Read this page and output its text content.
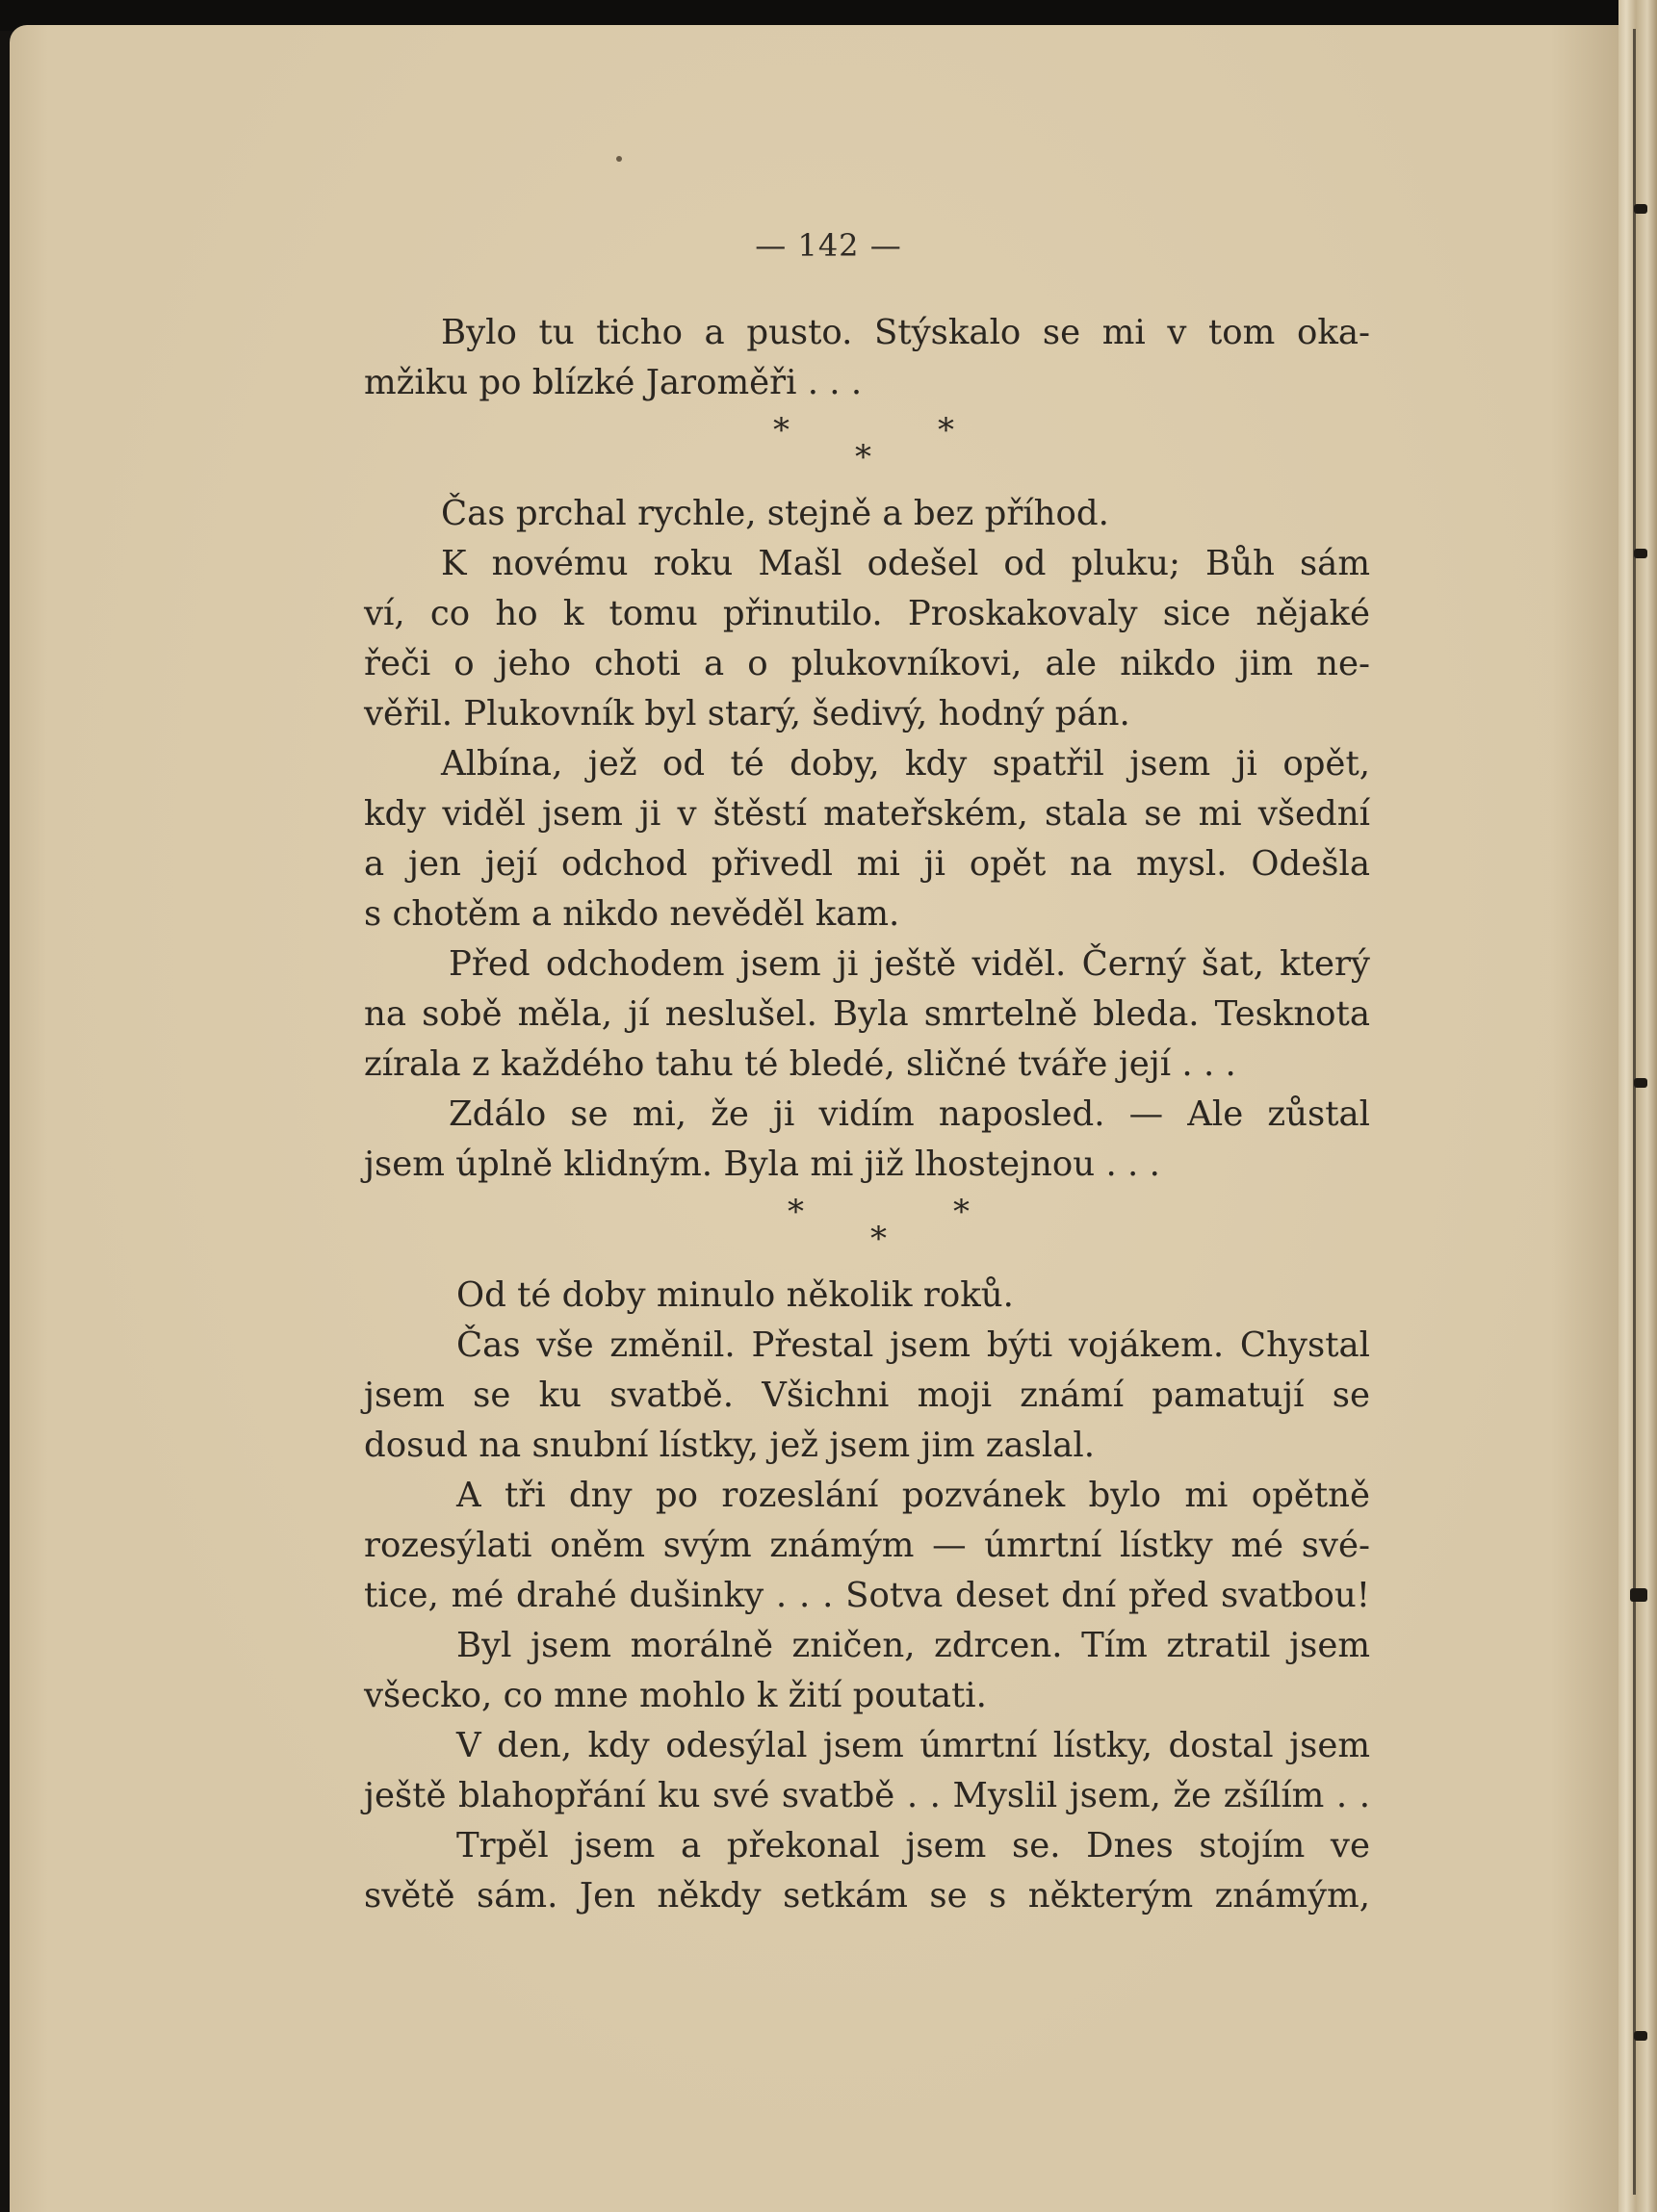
— 142 —
Bylo tu ticho a pusto. Stýskalo se mi v tom oka-
mžiku po blízké Jaroměři . . .
*	*
*
Čas prchal rychle, stejně a bez příhod.
K novému roku Mašl odešel od pluku; Bůh sám
ví, co ho k tomu přinutilo. Proskakovaly sice nějaké
řeči o jeho choti a o plukovníkovi, ale nikdo jim ne-
věřil. Plukovník byl starý, šedivý, hodný pán.
Albína, jež od té doby, kdy spatřil jsem ji opět,
kdy viděl jsem ji v štěstí mateřském, stala se mi všední
a jen její odchod přivedl mi ji opět na mysl. Odešla
s chotěm a nikdo nevěděl kam.
Před odchodem jsem ji ještě viděl. Černý šat, který
na sobě měla, jí neslušel. Byla smrtelně bleda. Tesknota
zírala z každého tahu té bledé, sličné tváře její . . .
Zdálo se mi, že ji vidím naposled. — Ale zůstal
jsem úplně klidným. Byla mi již lhostejnou . . .
*	*
*
Od té doby minulo několik roků.
Čas vše změnil. Přestal jsem býti vojákem. Chystal
jsem se ku svatbě. Všichni moji známí pamatují se
dosud na snubní lístky, jež jsem jim zaslal.
A tři dny po rozeslání pozvánek bylo mi opětně
rozesýlati oněm svým známým — úmrtní lístky mé své-
tice, mé drahé dušinky . . . Sotva deset dní před svatbou!
Byl jsem morálně zničen, zdrcen. Tím ztratil jsem
všecko, co mne mohlo k žití poutati.
V den, kdy odesýlal jsem úmrtní lístky, dostal jsem
ještě blahopřání ku své svatbě . . Myslil jsem, že zšílím . .
Trpěl jsem a překonal jsem se. Dnes stojím ve
světě sám. Jen někdy setkám se s některým známým,
